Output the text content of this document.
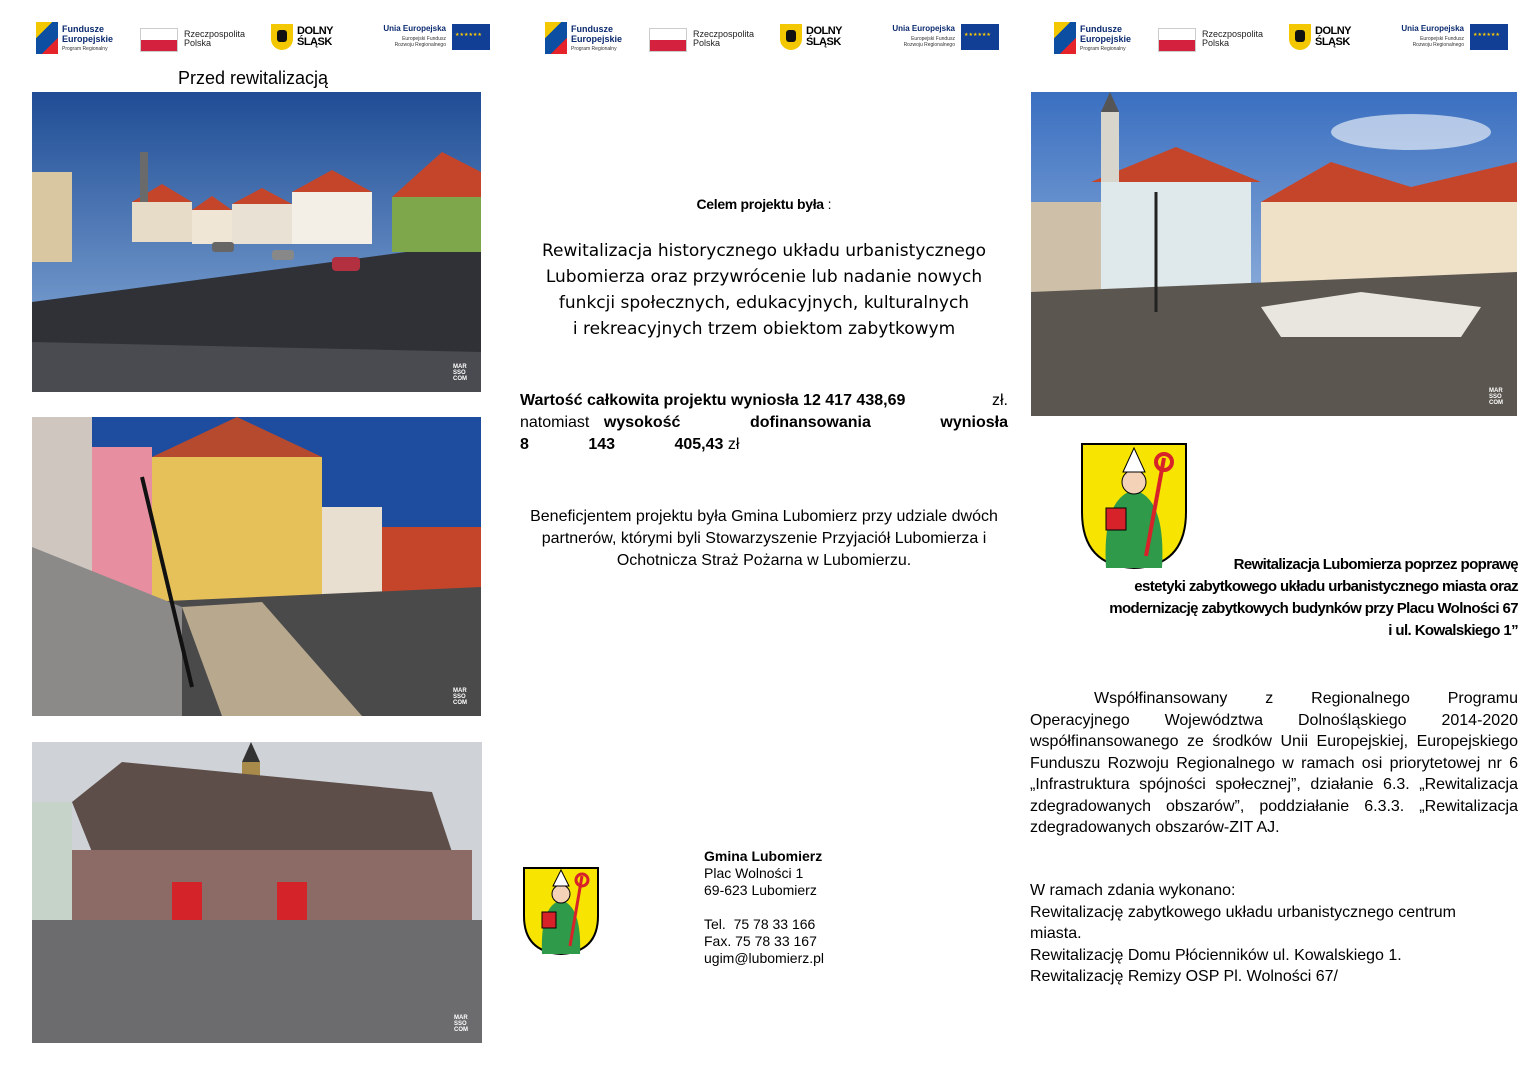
Fundusze
Europejskie
Program Regionalny
Rzeczpospolita
Polska
DOLNY
ŚLĄSK
Unia Europejska
Europejski Fundusz
Rozwoju Regionalnego
★★★★★★
Fundusze
Europejskie
Program Regionalny
Rzeczpospolita
Polska
DOLNY
ŚLĄSK
Unia Europejska
Europejski Fundusz
Rozwoju Regionalnego
★★★★★★
Fundusze
Europejskie
Program Regionalny
Rzeczpospolita
Polska
DOLNY
ŚLĄSK
Unia Europejska
Europejski Fundusz
Rozwoju Regionalnego
★★★★★★
Przed rewitalizacją
MAR
SSO
COM
MAR
SSO
COM
MAR
SSO
COM
Celem projektu była :
Rewitalizacja historycznego układu urbanistycznego
Lubomierza oraz przywrócenie lub nadanie nowych
funkcji społecznych, edukacyjnych, kulturalnych
i rekreacyjnych trzem obiektom zabytkowym
Wartość całkowita projektu wyniosła 12 417 438,69	zł.
natomiast wysokość dofinansowania wyniosła 8 143 405,43 zł
Beneficjentem projektu była Gmina Lubomierz przy udziale dwóch partnerów, którymi byli Stowarzyszenie Przyjaciół Lubomierza i Ochotnicza Straż Pożarna w Lubomierzu.
Gmina Lubomierz
Plac Wolności 1
69-623 Lubomierz
Tel.  75 78 33 166
Fax. 75 78 33 167
ugim@lubomierz.pl
MAR
SSO
COM
Rewitalizacja Lubomierza poprzez poprawę
estetyki zabytkowego układu urbanistycznego miasta oraz
modernizację zabytkowych budynków przy Placu Wolności 67
i ul. Kowalskiego 1”
Współfinansowany z Regionalnego Programu Operacyjnego Województwa Dolnośląskiego 2014-2020 współfinansowanego ze środków Unii Europejskiej, Europejskiego Funduszu Rozwoju Regionalnego w ramach osi priorytetowej nr 6 „Infrastruktura spójności społecznej”, działanie 6.3. „Rewitalizacja zdegradowanych obszarów”, poddziałanie 6.3.3. „Rewitalizacja zdegradowanych obszarów-ZIT AJ.
W ramach zdania wykonano:
Rewitalizację zabytkowego układu urbanistycznego centrum miasta.
Rewitalizację Domu Płócienników ul. Kowalskiego 1.
Rewitalizację Remizy OSP Pl. Wolności 67/
